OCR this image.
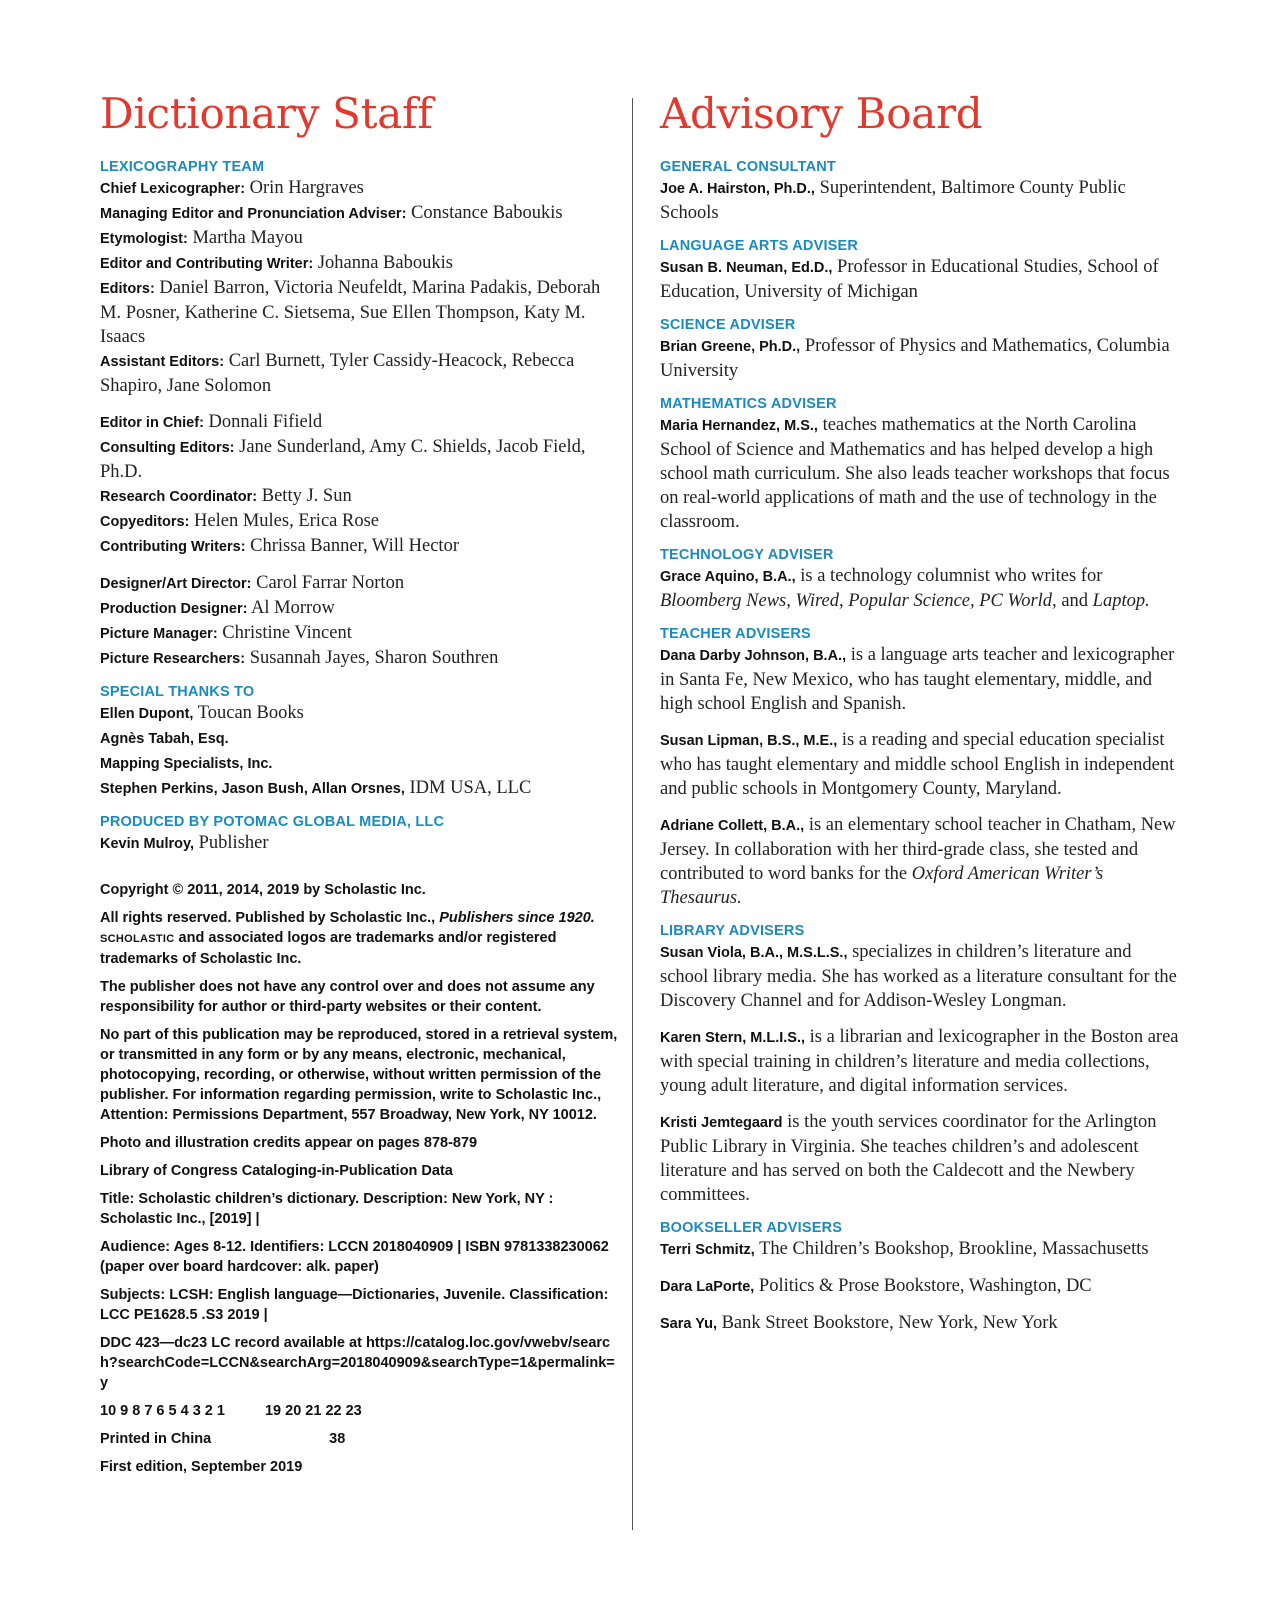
Dictionary Staff
LEXICOGRAPHY TEAM

Chief Lexicographer: Orin Hargraves

Managing Editor and Pronunciation Adviser: Constance Baboukis

Etymologist: Martha Mayou

Editor and Contributing Writer: Johanna Baboukis

Editors: Daniel Barron, Victoria Neufeldt, Marina Padakis, Deborah M. Posner, Katherine C. Sietsema, Sue Ellen Thompson, Katy M. Isaacs

Assistant Editors: Carl Burnett, Tyler Cassidy-Heacock, Rebecca Shapiro, Jane Solomon

Editor in Chief: Donnali Fifield

Consulting Editors: Jane Sunderland, Amy C. Shields, Jacob Field, Ph.D.

Research Coordinator: Betty J. Sun

Copyeditors: Helen Mules, Erica Rose

Contributing Writers: Chrissa Banner, Will Hector

Designer/Art Director: Carol Farrar Norton

Production Designer: Al Morrow

Picture Manager: Christine Vincent

Picture Researchers: Susannah Jayes, Sharon Southren

SPECIAL THANKS TO

Ellen Dupont, Toucan Books

Agnès Tabah, Esq.

Mapping Specialists, Inc.

Stephen Perkins, Jason Bush, Allan Orsnes, IDM USA, LLC

PRODUCED BY POTOMAC GLOBAL MEDIA, LLC

Kevin Mulroy, Publisher

Copyright © 2011, 2014, 2019 by Scholastic Inc.

All rights reserved. Published by Scholastic Inc., Publishers since 1920. SCHOLASTIC and associated logos are trademarks and/or registered trademarks of Scholastic Inc.

The publisher does not have any control over and does not assume any responsibility for author or third-party websites or their content.

No part of this publication may be reproduced, stored in a retrieval system, or transmitted in any form or by any means, electronic, mechanical, photocopying, recording, or otherwise, without written permission of the publisher. For information regarding permission, write to Scholastic Inc., Attention: Permissions Department, 557 Broadway, New York, NY 10012.

Photo and illustration credits appear on pages 878-879

Library of Congress Cataloging-in-Publication Data

Title: Scholastic children’s dictionary. Description: New York, NY : Scholastic Inc., [2019] |

Audience: Ages 8-12. Identifiers: LCCN 2018040909 | ISBN 9781338230062 (paper over board hardcover: alk. paper)

Subjects: LCSH: English language—Dictionaries, Juvenile. Classification: LCC PE1628.5 .S3 2019 |

DDC 423—dc23 LC record available at https://catalog.loc.gov/vwebv/search?searchCode=LCCN&searchArg=2018040909&searchType=1&permalink=y

10 9 8 7 6 5 4 3 2 1	19 20 21 22 23
Printed in China	38

First edition, September 2019

Advisory Board
GENERAL CONSULTANT

Joe A. Hairston, Ph.D., Superintendent, Baltimore County Public Schools

LANGUAGE ARTS ADVISER

Susan B. Neuman, Ed.D., Professor in Educational Studies, School of Education, University of Michigan

SCIENCE ADVISER

Brian Greene, Ph.D., Professor of Physics and Mathematics, Columbia University

MATHEMATICS ADVISER

Maria Hernandez, M.S., teaches mathematics at the North Carolina School of Science and Mathematics and has helped develop a high school math curriculum. She also leads teacher workshops that focus on real-world applications of math and the use of technology in the classroom.

TECHNOLOGY ADVISER

Grace Aquino, B.A., is a technology columnist who writes for Bloomberg News, Wired, Popular Science, PC World, and Laptop.

TEACHER ADVISERS

Dana Darby Johnson, B.A., is a language arts teacher and lexicographer in Santa Fe, New Mexico, who has taught elementary, middle, and high school English and Spanish.

Susan Lipman, B.S., M.E., is a reading and special education specialist who has taught elementary and middle school English in independent and public schools in Montgomery County, Maryland.

Adriane Collett, B.A., is an elementary school teacher in Chatham, New Jersey. In collaboration with her third-grade class, she tested and contributed to word banks for the Oxford American Writer’s Thesaurus.

LIBRARY ADVISERS

Susan Viola, B.A., M.S.L.S., specializes in children’s literature and school library media. She has worked as a literature consultant for the Discovery Channel and for Addison-Wesley Longman.

Karen Stern, M.L.I.S., is a librarian and lexicographer in the Boston area with special training in children’s literature and media collections, young adult literature, and digital information services.

Kristi Jemtegaard is the youth services coordinator for the Arlington Public Library in Virginia. She teaches children’s and adolescent literature and has served on both the Caldecott and the Newbery committees.

BOOKSELLER ADVISERS

Terri Schmitz, The Children’s Bookshop, Brookline, Massachusetts

Dara LaPorte, Politics & Prose Bookstore, Washington, DC

Sara Yu, Bank Street Bookstore, New York, New York
